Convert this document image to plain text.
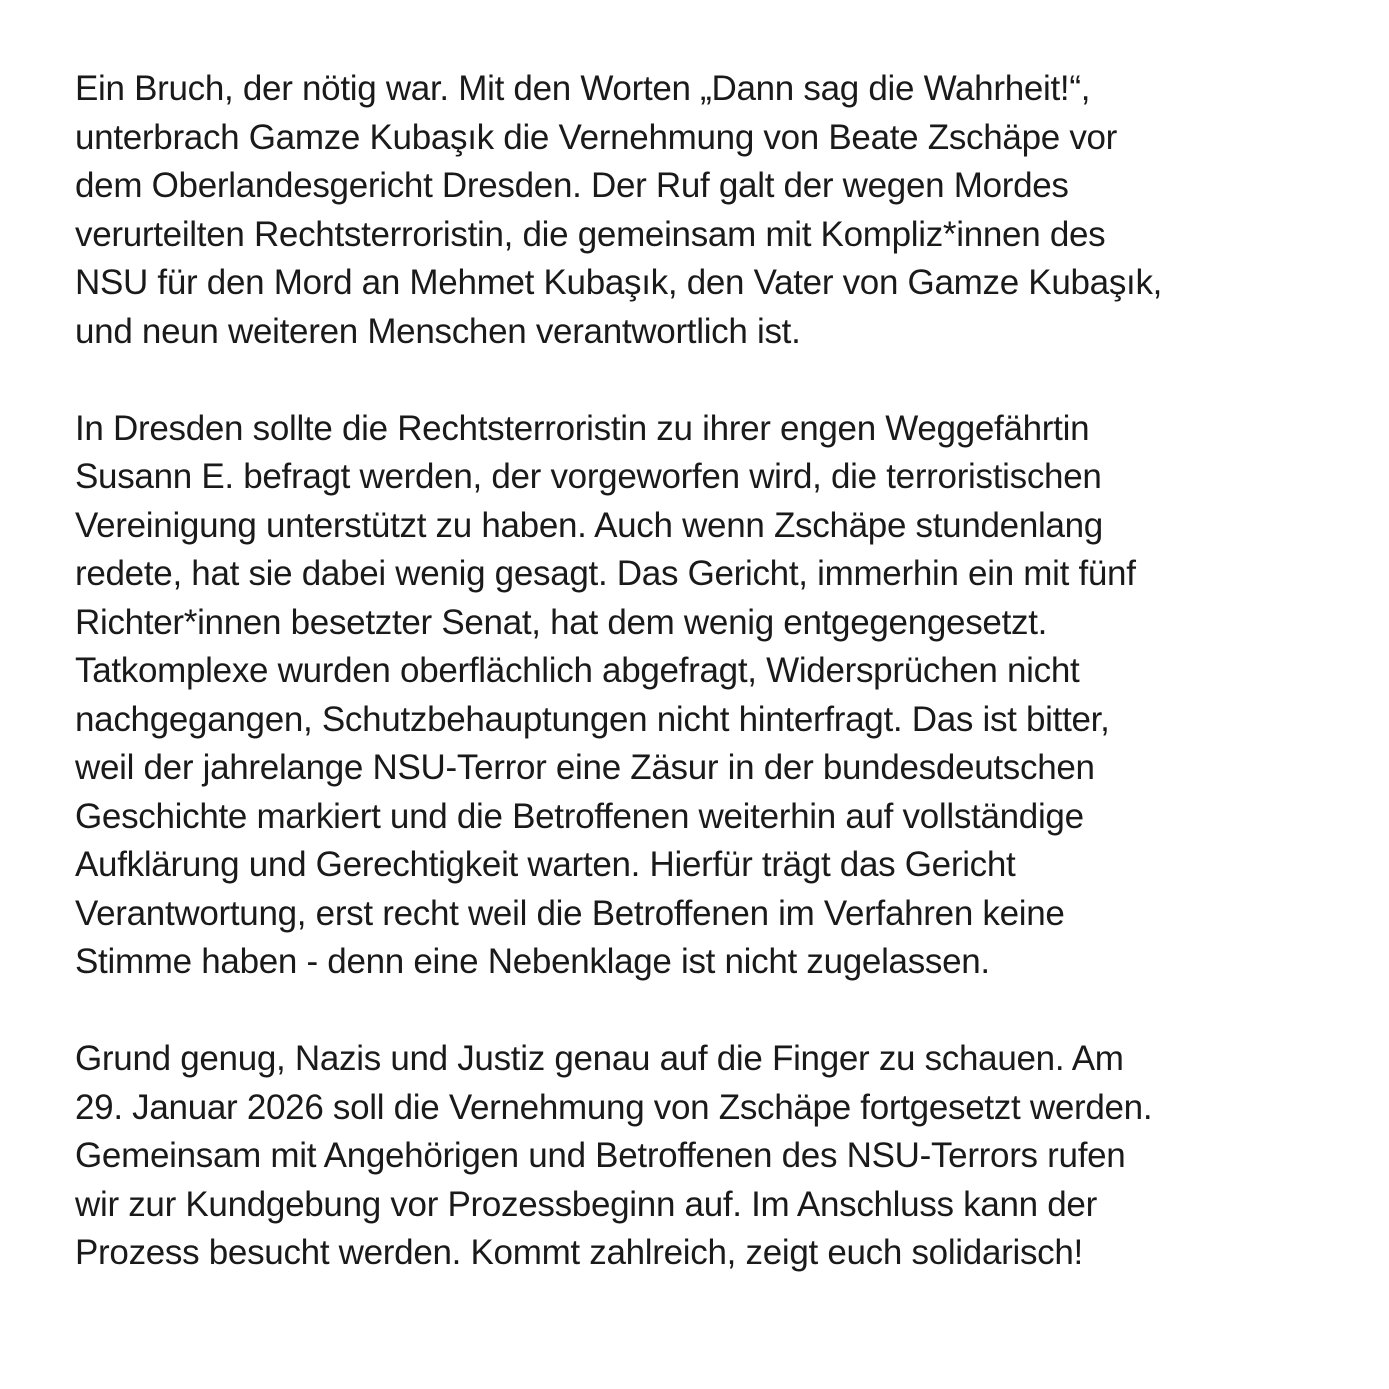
Ein Bruch, der nötig war. Mit den Worten „Dann sag die Wahrheit!“,
unterbrach Gamze Kubaşık die Vernehmung von Beate Zschäpe vor
dem Oberlandesgericht Dresden. Der Ruf galt der wegen Mordes
verurteilten Rechtsterroristin, die gemeinsam mit Kompliz*innen des
NSU für den Mord an Mehmet Kubaşık, den Vater von Gamze Kubaşık,
und neun weiteren Menschen verantwortlich ist.

In Dresden sollte die Rechtsterroristin zu ihrer engen Weggefährtin
Susann E. befragt werden, der vorgeworfen wird, die terroristischen
Vereinigung unterstützt zu haben. Auch wenn Zschäpe stundenlang
redete, hat sie dabei wenig gesagt. Das Gericht, immerhin ein mit fünf
Richter*innen besetzter Senat, hat dem wenig entgegengesetzt.
Tatkomplexe wurden oberflächlich abgefragt, Widersprüchen nicht
nachgegangen, Schutzbehauptungen nicht hinterfragt. Das ist bitter,
weil der jahrelange NSU-Terror eine Zäsur in der bundesdeutschen
Geschichte markiert und die Betroffenen weiterhin auf vollständige
Aufklärung und Gerechtigkeit warten. Hierfür trägt das Gericht
Verantwortung, erst recht weil die Betroffenen im Verfahren keine
Stimme haben - denn eine Nebenklage ist nicht zugelassen.

Grund genug, Nazis und Justiz genau auf die Finger zu schauen. Am
29. Januar 2026 soll die Vernehmung von Zschäpe fortgesetzt werden.
Gemeinsam mit Angehörigen und Betroffenen des NSU-Terrors rufen
wir zur Kundgebung vor Prozessbeginn auf. Im Anschluss kann der
Prozess besucht werden. Kommt zahlreich, zeigt euch solidarisch!
